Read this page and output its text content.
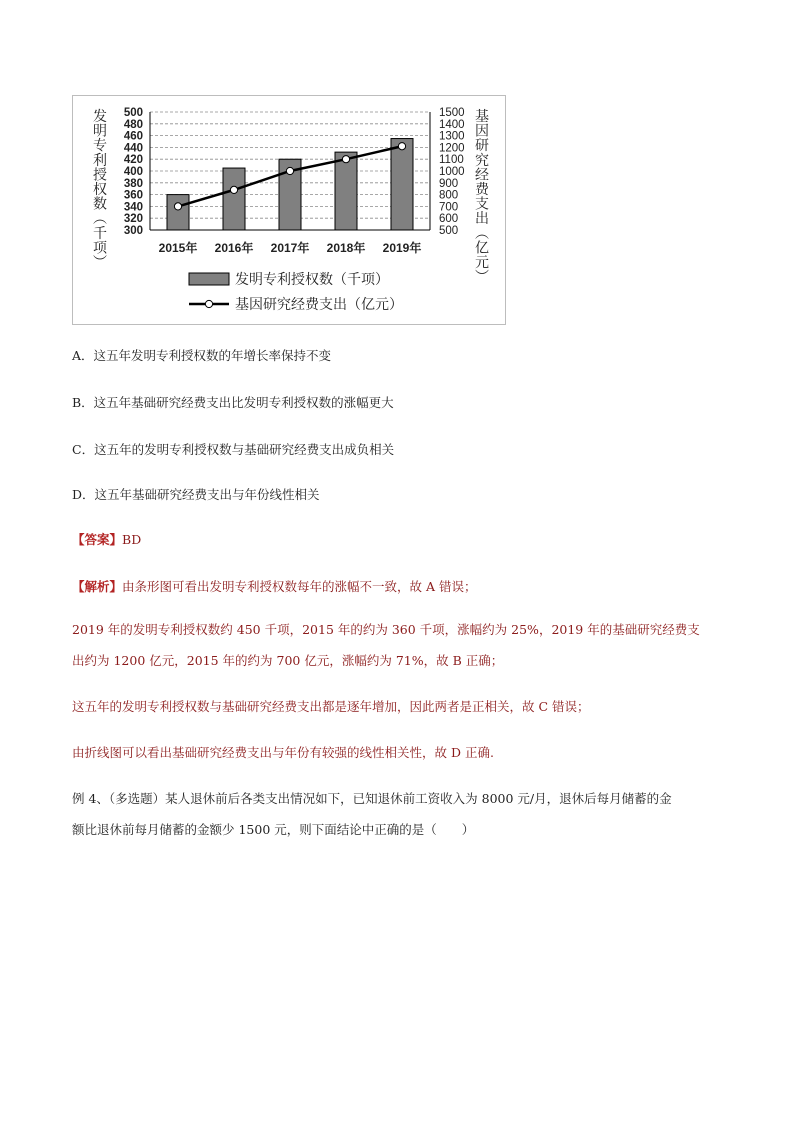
300
320
340
360
380
400
420
440
460
480
500
500
600
700
800
900
1000
1100
1200
1300
1400
1500
2015年 2016年 2017年 2018年 2019年
发
明
专
利
授
权
数
︵
千
项
︶
基
因
研
究
经
费
支
出
︵
亿
元
︶
发明专利授权数（千项）
基因研究经费支出（亿元）
A．这五年发明专利授权数的年增长率保持不变
B．这五年基础研究经费支出比发明专利授权数的涨幅更大
C．这五年的发明专利授权数与基础研究经费支出成负相关
D．这五年基础研究经费支出与年份线性相关
【答案】BD
【解析】由条形图可看出发明专利授权数每年的涨幅不一致，故 A 错误；
2019 年的发明专利授权数约 450 千项，2015 年的约为 360 千项，涨幅约为 25%，2019 年的基础研究经费支
出约为 1200 亿元，2015 年的约为 700 亿元，涨幅约为 71%，故 B 正确；
这五年的发明专利授权数与基础研究经费支出都是逐年增加，因此两者是正相关，故 C 错误；
由折线图可以看出基础研究经费支出与年份有较强的线性相关性，故 D 正确.
例 4、（多选题）某人退休前后各类支出情况如下，已知退休前工资收入为 8000 元/月，退休后每月储蓄的金
额比退休前每月储蓄的金额少 1500 元，则下面结论中正确的是（　　）
